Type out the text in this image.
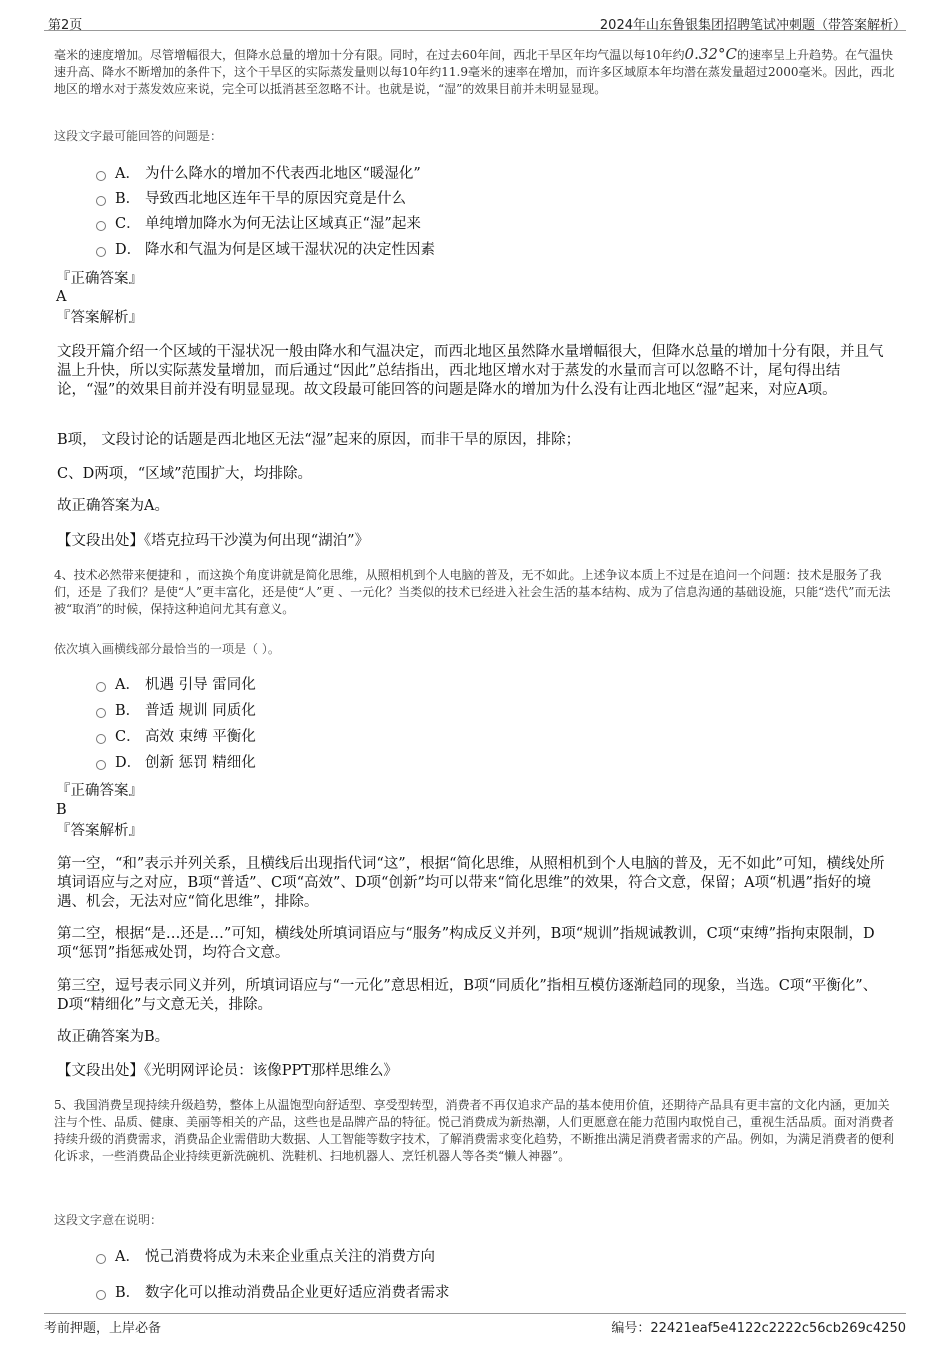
第2页	2024年山东鲁银集团招聘笔试冲刺题（带答案解析）
毫米的速度增加。尽管增幅很大，但降水总量的增加十分有限。同时，在过去60年间，西北干旱区年均气温以每10年约0.32°C的速率呈上升趋势。在气温快速升高、降水不断增加的条件下，这个干旱区的实际蒸发量则以每10年约11.9毫米的速率在增加，而许多区域原本年均潜在蒸发量超过2000毫米。因此，西北地区的增水对于蒸发效应来说，完全可以抵消甚至忽略不计。也就是说，“湿”的效果目前并未明显显现。
这段文字最可能回答的问题是：
A． 为什么降水的增加不代表西北地区“暖湿化”
B． 导致西北地区连年干旱的原因究竟是什么
C． 单纯增加降水为何无法让区域真正“湿”起来
D． 降水和气温为何是区域干湿状况的决定性因素
『正确答案』
A
『答案解析』
文段开篇介绍一个区域的干湿状况一般由降水和气温决定，而西北地区虽然降水量增幅很大，但降水总量的增加十分有限，并且气温上升快，所以实际蒸发量增加，而后通过“因此”总结指出，西北地区增水对于蒸发的水量而言可以忽略不计，尾句得出结论，“湿”的效果目前并没有明显显现。故文段最可能回答的问题是降水的增加为什么没有让西北地区“湿”起来，对应A项。
B项， 文段讨论的话题是西北地区无法“湿”起来的原因，而非干旱的原因，排除；
C、D两项，“区域”范围扩大，均排除。
故正确答案为A。
【文段出处】《塔克拉玛干沙漠为何出现“湖泊”》
4、技术必然带来便捷和 ，而这换个角度讲就是简化思维，从照相机到个人电脑的普及，无不如此。上述争议本质上不过是在追问一个问题：技术是服务了我们，还是 了我们？是使“人”更丰富化，还是使“人”更 、一元化？当类似的技术已经进入社会生活的基本结构、成为了信息沟通的基础设施，只能“迭代”而无法被“取消”的时候，保持这种追问尤其有意义。
依次填入画横线部分最恰当的一项是（ ）。
A． 机遇 引导 雷同化
B． 普适 规训 同质化
C． 高效 束缚 平衡化
D． 创新 惩罚 精细化
『正确答案』
B
『答案解析』
第一空，“和”表示并列关系，且横线后出现指代词“这”，根据“简化思维，从照相机到个人电脑的普及，无不如此”可知，横线处所填词语应与之对应，B项“普适”、C项“高效”、D项“创新”均可以带来“简化思维”的效果，符合文意，保留；A项“机遇”指好的境遇、机会，无法对应“简化思维”，排除。
第二空，根据“是…还是…”可知，横线处所填词语应与“服务”构成反义并列，B项“规训”指规诫教训，C项“束缚”指拘束限制，D项“惩罚”指惩戒处罚，均符合文意。
第三空，逗号表示同义并列，所填词语应与“一元化”意思相近，B项“同质化”指相互模仿逐渐趋同的现象，当选。C项“平衡化”、D项“精细化”与文意无关，排除。
故正确答案为B。
【文段出处】《光明网评论员：该像PPT那样思维么》
5、我国消费呈现持续升级趋势，整体上从温饱型向舒适型、享受型转型，消费者不再仅追求产品的基本使用价值，还期待产品具有更丰富的文化内涵，更加关注与个性、品质、健康、美丽等相关的产品，这些也是品牌产品的特征。悦己消费成为新热潮，人们更愿意在能力范围内取悦自己，重视生活品质。面对消费者持续升级的消费需求，消费品企业需借助大数据、人工智能等数字技术，了解消费需求变化趋势，不断推出满足消费者需求的产品。例如，为满足消费者的便利化诉求，一些消费品企业持续更新洗碗机、洗鞋机、扫地机器人、烹饪机器人等各类“懒人神器”。
这段文字意在说明：
A． 悦己消费将成为未来企业重点关注的消费方向
B． 数字化可以推动消费品企业更好适应消费者需求
考前押题，上岸必备	编号：22421eaf5e4122c2222c56cb269c4250
